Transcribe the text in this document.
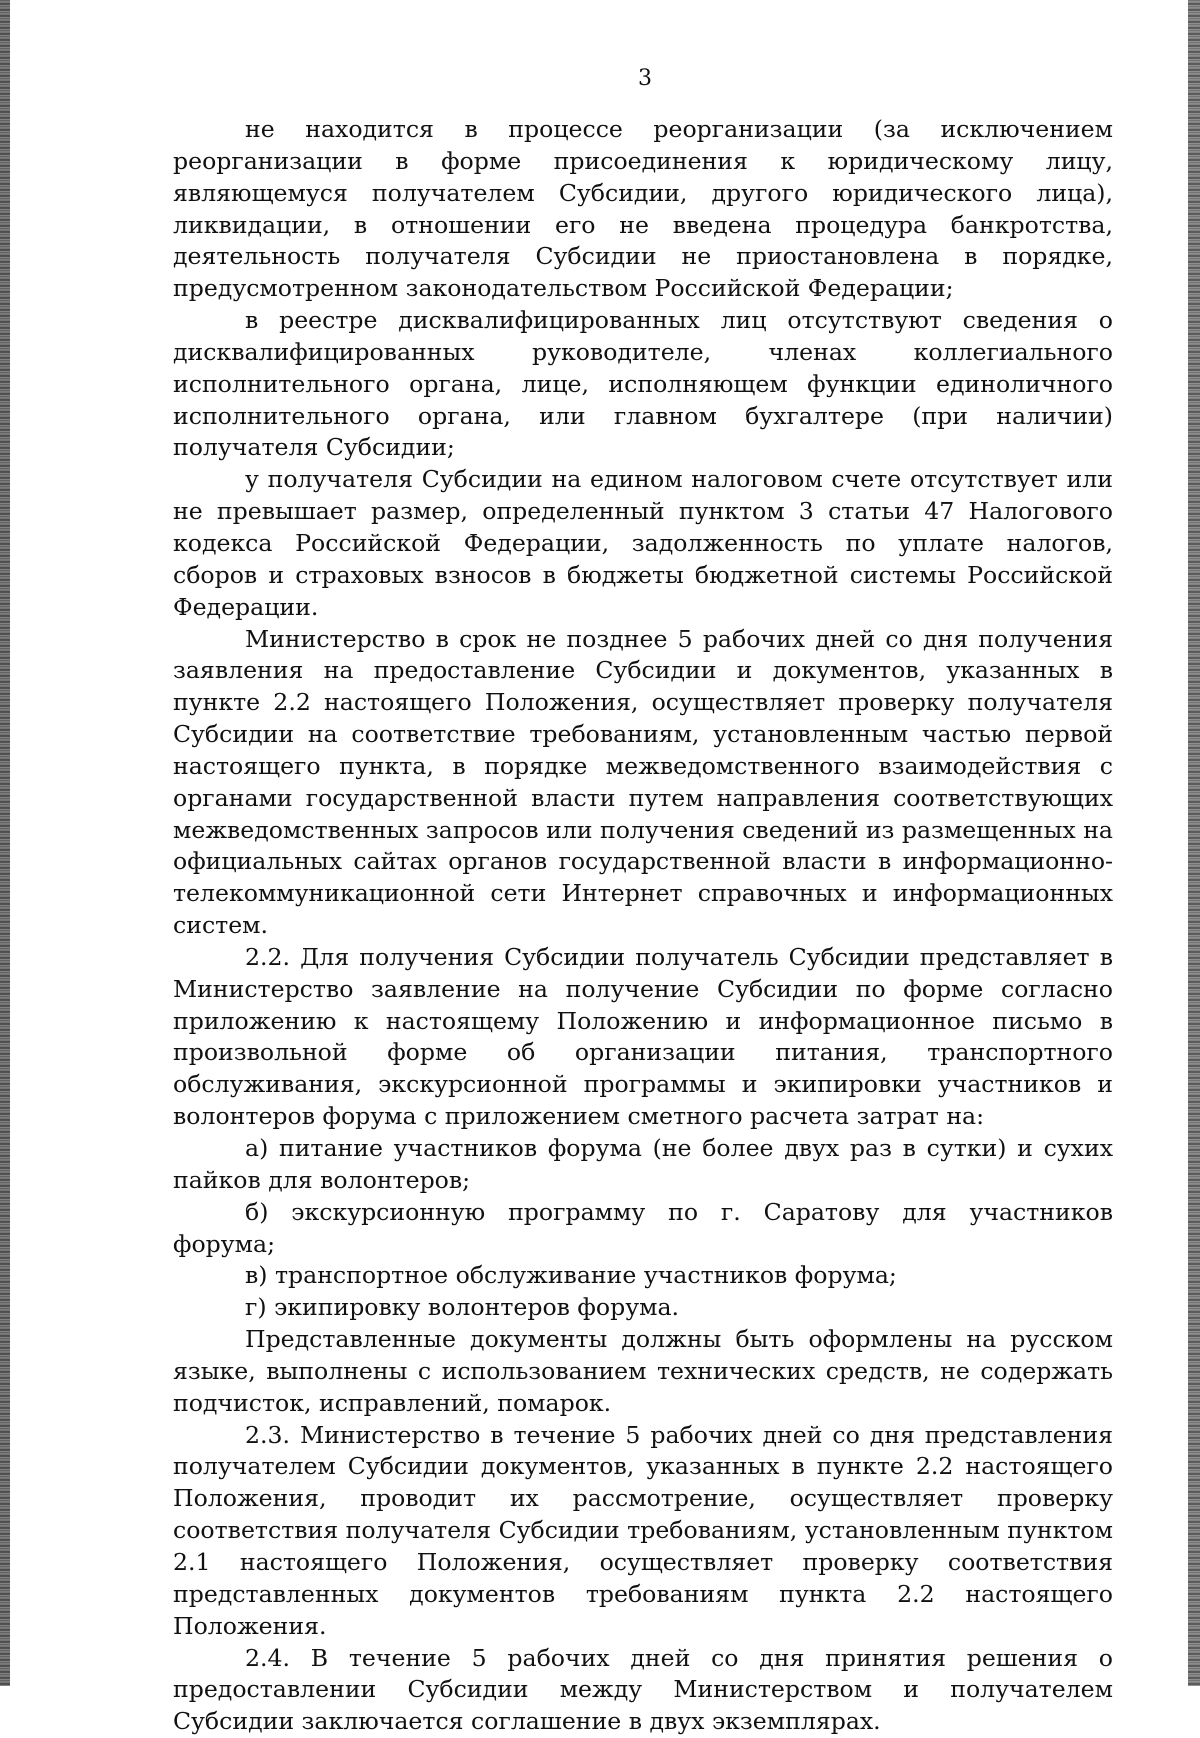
3

не находится в процессе реорганизации (за исключением реорганизации в форме присоединения к юридическому лицу, являющемуся получателем Субсидии, другого юридического лица), ликвидации, в отношении его не введена процедура банкротства, деятельность получателя Субсидии не приостановлена в порядке, предусмотренном законодательством Российской Федерации;

в реестре дисквалифицированных лиц отсутствуют сведения о дисквалифицированных руководителе, членах коллегиального исполнительного органа, лице, исполняющем функции единоличного исполнительного органа, или главном бухгалтере (при наличии) получателя Субсидии;

у получателя Субсидии на едином налоговом счете отсутствует или не превышает размер, определенный пунктом 3 статьи 47 Налогового кодекса Российской Федерации, задолженность по уплате налогов, сборов и страховых взносов в бюджеты бюджетной системы Российской Федерации.

Министерство в срок не позднее 5 рабочих дней со дня получения заявления на предоставление Субсидии и документов, указанных в пункте 2.2 настоящего Положения, осуществляет проверку получателя Субсидии на соответствие требованиям, установленным частью первой настоящего пункта, в порядке межведомственного взаимодействия с органами государственной власти путем направления соответствующих межведомственных запросов или получения сведений из размещенных на официальных сайтах органов государственной власти в информационно-телекоммуникационной сети Интернет справочных и информационных систем.

2.2. Для получения Субсидии получатель Субсидии представляет в Министерство заявление на получение Субсидии по форме согласно приложению к настоящему Положению и информационное письмо в произвольной форме об организации питания, транспортного обслуживания, экскурсионной программы и экипировки участников и волонтеров форума с приложением сметного расчета затрат на:

а) питание участников форума (не более двух раз в сутки) и сухих пайков для волонтеров;

б) экскурсионную программу по г. Саратову для участников форума;

в) транспортное обслуживание участников форума;

г) экипировку волонтеров форума.

Представленные документы должны быть оформлены на русском языке, выполнены с использованием технических средств, не содержать подчисток, исправлений, помарок.

2.3. Министерство в течение 5 рабочих дней со дня представления получателем Субсидии документов, указанных в пункте 2.2 настоящего Положения, проводит их рассмотрение, осуществляет проверку соответствия получателя Субсидии требованиям, установленным пунктом 2.1 настоящего Положения, осуществляет проверку соответствия представленных документов требованиям пункта 2.2 настоящего Положения.

2.4. В течение 5 рабочих дней со дня принятия решения о предоставлении Субсидии между Министерством и получателем Субсидии заключается соглашение в двух экземплярах.
